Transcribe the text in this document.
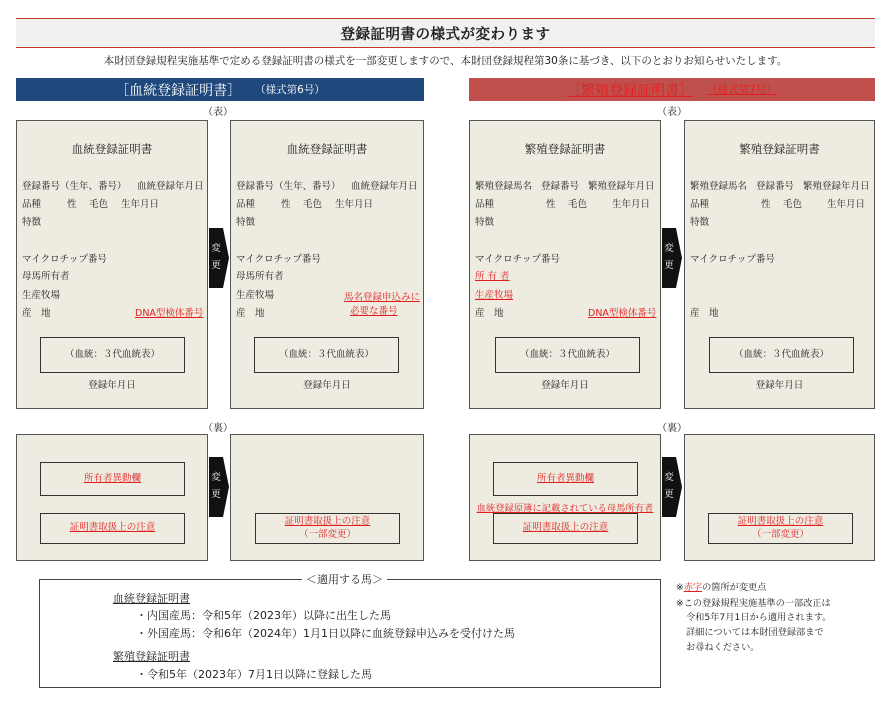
登録証明書の様式が変わります
本財団登録規程実施基準で定める登録証明書の様式を一部変更しますので、本財団登録規程第30条に基づき、以下のとおりお知らせいたします。
［血統登録証明書］ （様式第6号）	［繁殖登録証明書］ （様式第7号）
（表）	（表）
血統登録証明書
登録番号（生年、番号） 血統登録年月日
品種	性 毛色 生年月日
特徴
マイクロチップ番号
母馬所有者
生産牧場
産　地	DNA型検体番号
（血統：３代血統表）
登録年月日
変
更
血統登録証明書
登録番号（生年、番号） 血統登録年月日
品種	性 毛色 生年月日
特徴
マイクロチップ番号
母馬所有者
生産牧場
産　地
馬名登録申込みに
必要な番号
（血統：３代血統表）
登録年月日
繁殖登録証明書
繁殖登録馬名 登録番号 繁殖登録年月日
品種	性 毛色	生年月日
特徴
マイクロチップ番号
所 有 者
生産牧場
産　地	DNA型検体番号
（血統：３代血統表）
登録年月日
変
更
繁殖登録証明書
繁殖登録馬名 登録番号 繁殖登録年月日
品種	性 毛色	生年月日
特徴
マイクロチップ番号
産　地
（血統：３代血統表）
登録年月日
（裏）	（裏）
所有者異動欄
証明書取扱上の注意
変
更
証明書取扱上の注意
（一部変更）
所有者異動欄
血統登録原簿に記載されている母馬所有者
証明書取扱上の注意
変
更
証明書取扱上の注意
（一部変更）
血統登録証明書
・内国産馬：令和5年（2023年）以降に出生した馬
・外国産馬：令和6年（2024年）1月1日以降に血統登録申込みを受付けた馬
繁殖登録証明書
・令和5年（2023年）7月1日以降に登録した馬
＜適用する馬＞
※赤字の箇所が変更点
※この登録規程実施基準の一部改正は
令和5年7月1日から適用されます。
詳細については本財団登録部まで
お尋ねください。
